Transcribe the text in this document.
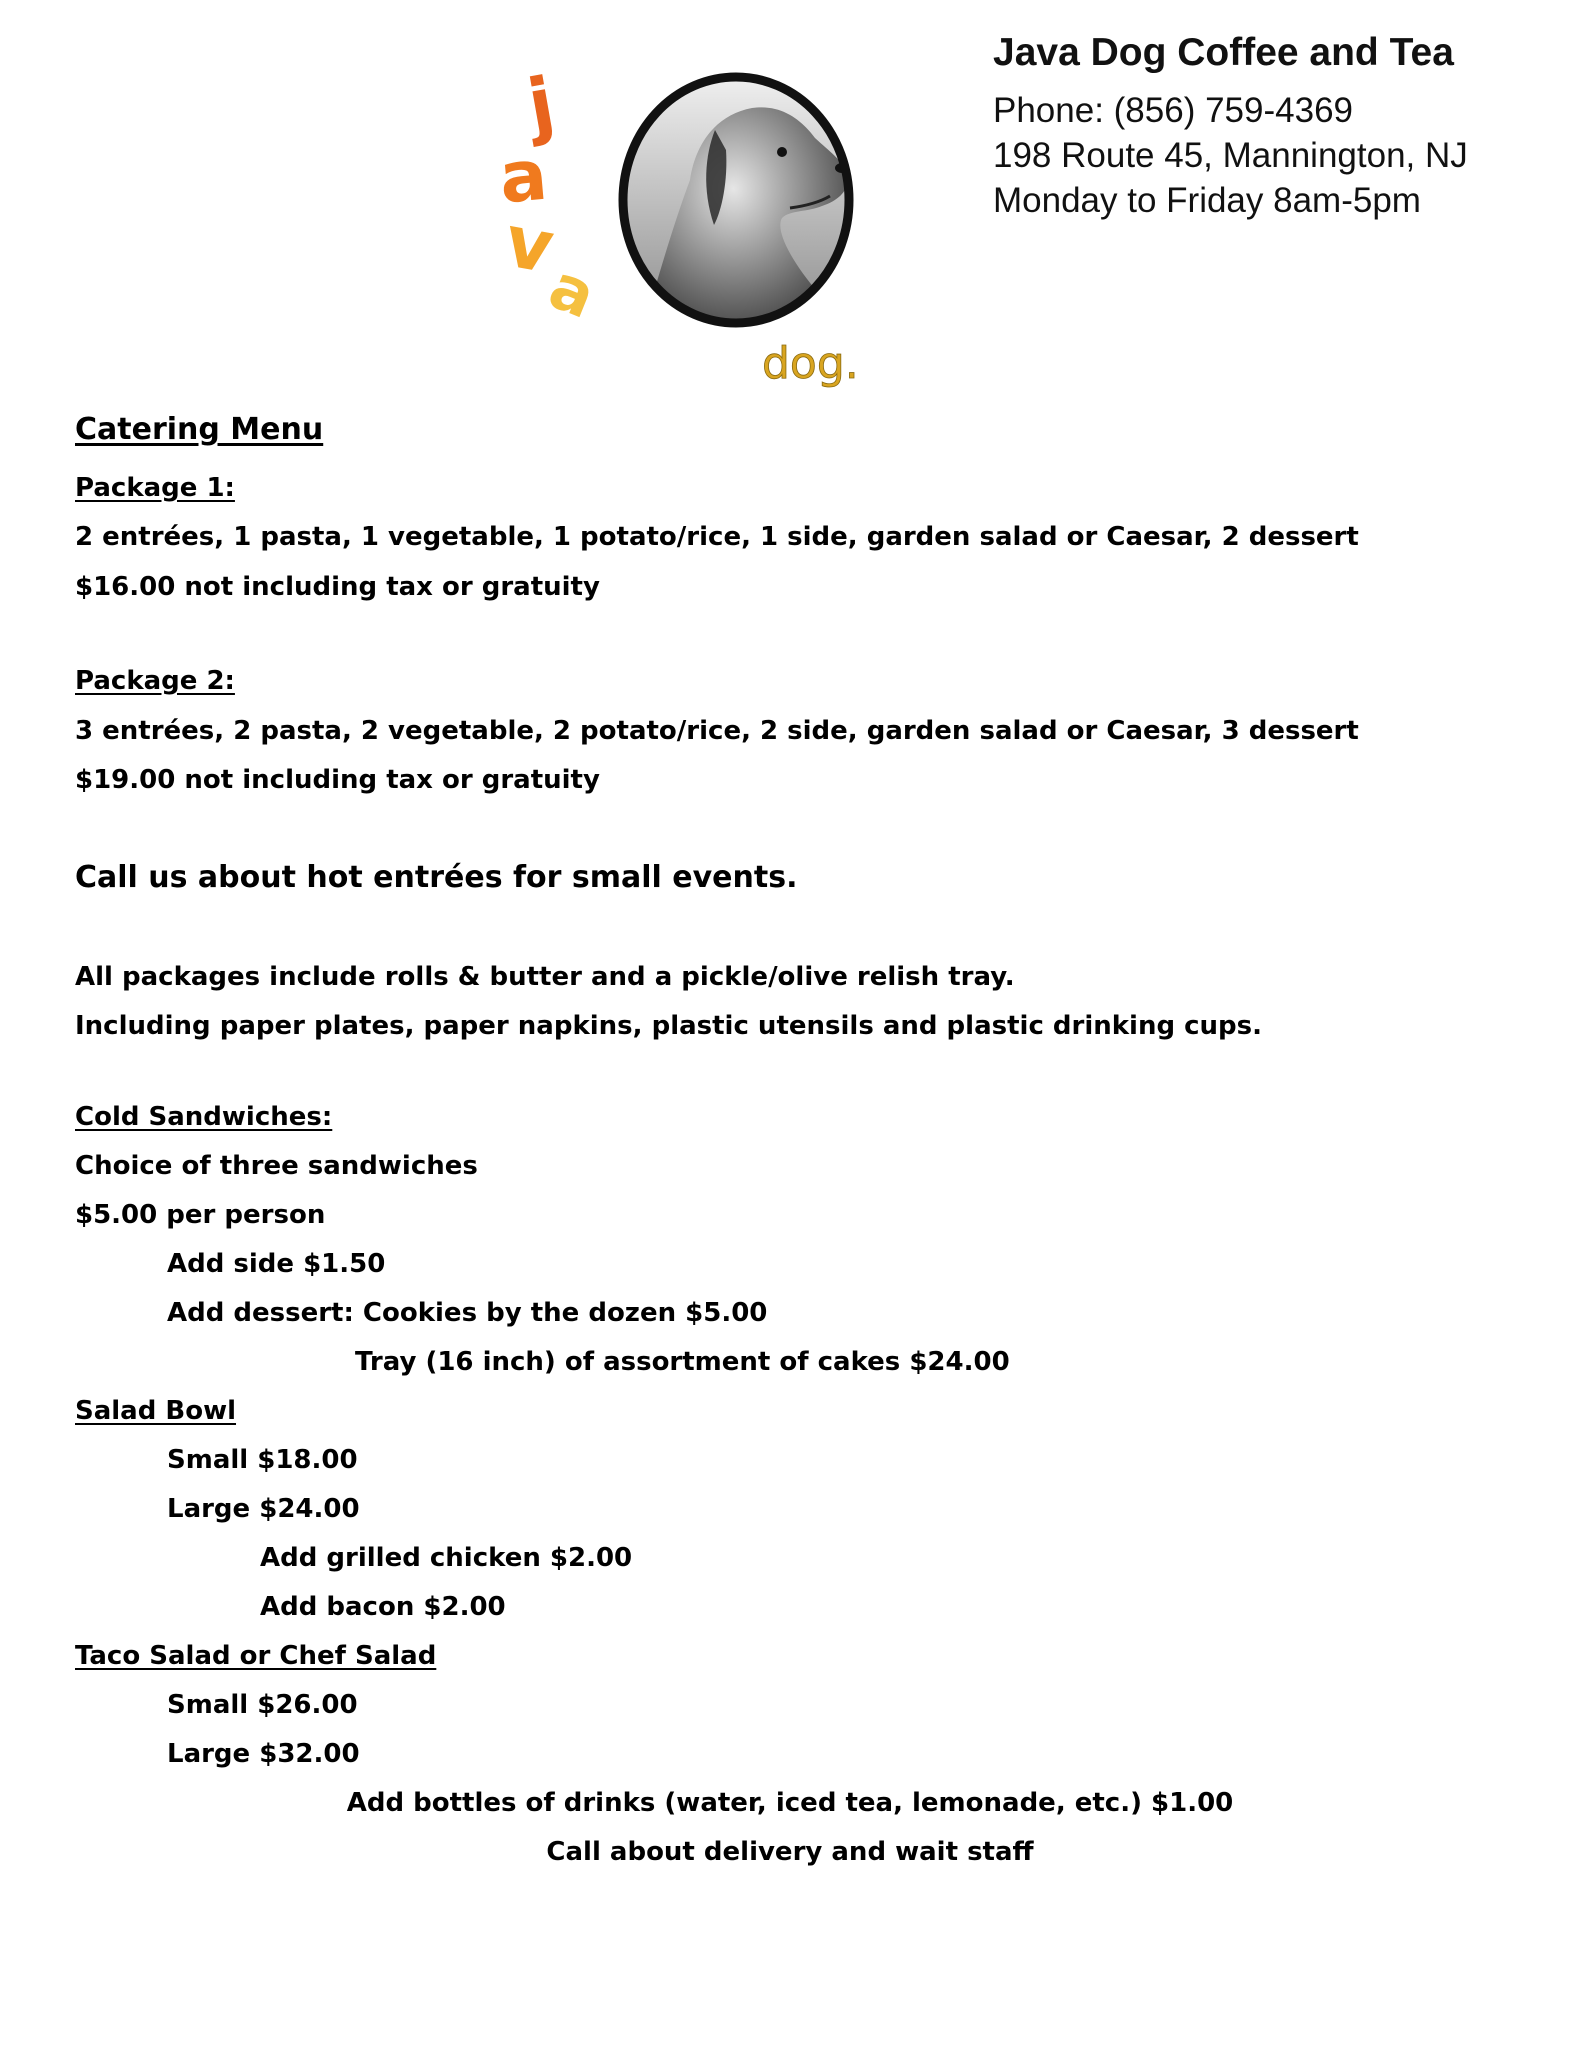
j
a
v
a
dog.
Java Dog Coffee and Tea
Phone: (856) 759-4369
198 Route 45, Mannington, NJ
Monday to Friday 8am-5pm
Catering Menu
Package 1:
2 entrées, 1 pasta, 1 vegetable, 1 potato/rice, 1 side, garden salad or Caesar, 2 dessert
$16.00 not including tax or gratuity
Package 2:
3 entrées, 2 pasta, 2 vegetable, 2 potato/rice, 2 side, garden salad or Caesar, 3 dessert
$19.00 not including tax or gratuity
Call us about hot entrées for small events.
All packages include rolls & butter and a pickle/olive relish tray.
Including paper plates, paper napkins, plastic utensils and plastic drinking cups.
Cold Sandwiches:
Choice of three sandwiches
$5.00 per person
Add side $1.50
Add dessert: Cookies by the dozen $5.00
Tray (16 inch) of assortment of cakes $24.00
Salad Bowl
Small $18.00
Large $24.00
Add grilled chicken $2.00
Add bacon $2.00
Taco Salad or Chef Salad
Small $26.00
Large $32.00
Add bottles of drinks (water, iced tea, lemonade, etc.) $1.00
Call about delivery and wait staff
